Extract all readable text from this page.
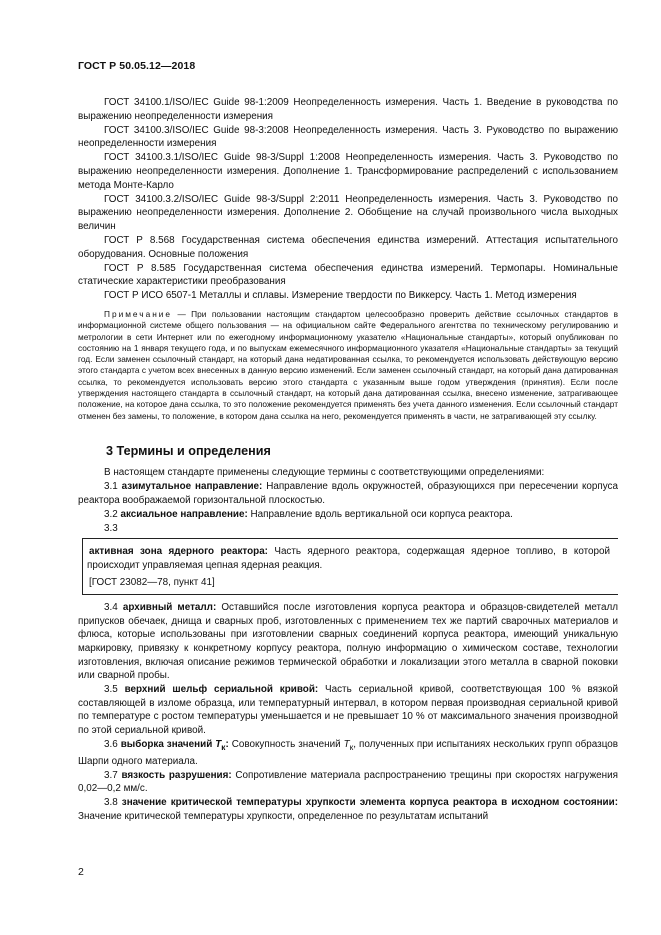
ГОСТ Р 50.05.12—2018

ГОСТ 34100.1/ISO/IEC Guide 98-1:2009 Неопределенность измерения. Часть 1. Введение в руководства по выражению неопределенности измерения

ГОСТ 34100.3/ISO/IEC Guide 98-3:2008 Неопределенность измерения. Часть 3. Руководство по выражению неопределенности измерения

ГОСТ 34100.3.1/ISO/IEC Guide 98-3/Suppl 1:2008 Неопределенность измерения. Часть 3. Руководство по выражению неопределенности измерения. Дополнение 1. Трансформирование распределений с использованием метода Монте-Карло

ГОСТ 34100.3.2/ISO/IEC Guide 98-3/Suppl 2:2011 Неопределенность измерения. Часть 3. Руководство по выражению неопределенности измерения. Дополнение 2. Обобщение на случай произвольного числа выходных величин

ГОСТ Р 8.568 Государственная система обеспечения единства измерений. Аттестация испытательного оборудования. Основные положения

ГОСТ Р 8.585 Государственная система обеспечения единства измерений. Термопары. Номинальные статические характеристики преобразования

ГОСТ Р ИСО 6507-1 Металлы и сплавы. Измерение твердости по Виккерсу. Часть 1. Метод измерения

Примечание — При пользовании настоящим стандартом целесообразно проверить действие ссылочных стандартов в информационной системе общего пользования — на официальном сайте Федерального агентства по техническому регулированию и метрологии в сети Интернет или по ежегодному информационному указателю «Национальные стандарты», который опубликован по состоянию на 1 января текущего года, и по выпускам ежемесячного информационного указателя «Национальные стандарты» за текущий год. Если заменен ссылочный стандарт, на который дана недатированная ссылка, то рекомендуется использовать действующую версию этого стандарта с учетом всех внесенных в данную версию изменений. Если заменен ссылочный стандарт, на который дана датированная ссылка, то рекомендуется использовать версию этого стандарта с указанным выше годом утверждения (принятия). Если после утверждения настоящего стандарта в ссылочный стандарт, на который дана датированная ссылка, внесено изменение, затрагивающее положение, на которое дана ссылка, то это положение рекомендуется применять без учета данного изменения. Если ссылочный стандарт отменен без замены, то положение, в котором дана ссылка на него, рекомендуется применять в части, не затрагивающей эту ссылку.

3 Термины и определения

В настоящем стандарте применены следующие термины с соответствующими определениями:

3.1 азимутальное направление: Направление вдоль окружностей, образующихся при пересечении корпуса реактора воображаемой горизонтальной плоскостью.

3.2 аксиальное направление: Направление вдоль вертикальной оси корпуса реактора.

3.3

активная зона ядерного реактора: Часть ядерного реактора, содержащая ядерное топливо, в которой происходит управляемая цепная ядерная реакция.

[ГОСТ 23082—78, пункт 41]

3.4 архивный металл: Оставшийся после изготовления корпуса реактора и образцов-свидетелей металл припусков обечаек, днища и сварных проб, изготовленных с применением тех же партий сварочных материалов и флюса, которые использованы при изготовлении сварных соединений корпуса реактора, имеющий уникальную маркировку, привязку к конкретному корпусу реактора, полную информацию о химическом составе, технологии изготовления, включая описание режимов термической обработки и локализации этого металла в сварной поковки или сварной пробы.

3.5 верхний шельф сериальной кривой: Часть сериальной кривой, соответствующая 100 % вязкой составляющей в изломе образца, или температурный интервал, в котором первая производная сериальной кривой по температуре с ростом температуры уменьшается и не превышает 10 % от максимального значения производной по этой сериальной кривой.

3.6 выборка значений $T_к$: Совокупность значений $T_к$, полученных при испытаниях нескольких групп образцов Шарпи одного материала.

3.7 вязкость разрушения: Сопротивление материала распространению трещины при скоростях нагружения 0,02—0,2 мм/с.

3.8 значение критической температуры хрупкости элемента корпуса реактора в исходном состоянии: Значение критической температуры хрупкости, определенное по результатам испытаний

2
